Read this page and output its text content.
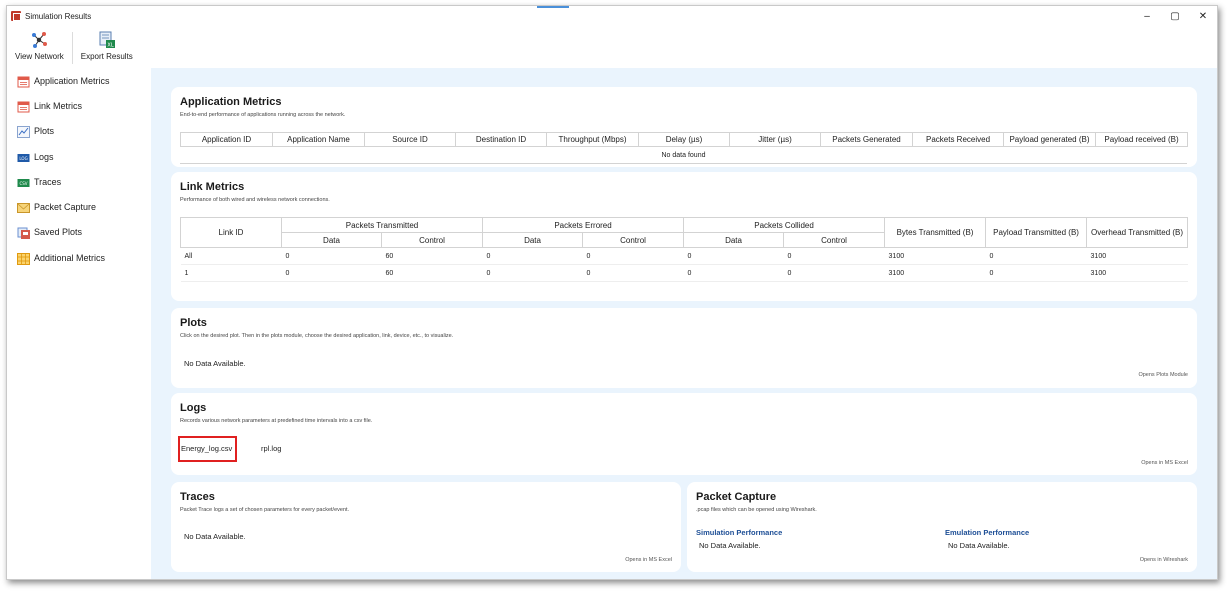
Simulation Results	–	▢	✕
View Network
XL
Export Results
Application Metrics
Link Metrics
Plots
LOG Logs
CSV Traces
Packet Capture
Saved Plots
Additional Metrics
Application Metrics
End-to-end performance of applications running across the network.
Application ID	Application Name	Source ID	Destination ID	Throughput (Mbps)	Delay (µs)	Jitter (µs)	Packets Generated	Packets Received	Payload generated (B)	Payload received (B)
No data found
Link Metrics
Performance of both wired and wireless network connections.
Link ID	Packets Transmitted		Packets Errored		Packets Collided		Bytes Transmitted (B)	Payload Transmitted (B)	Overhead Transmitted (B)
	Data	Control	Data	Control	Data	Control			
All	0	60	0	0	0	0	3100	0	3100
1	0	60	0	0	0	0	3100	0	3100
Plots
Click on the desired plot. Then in the plots module, choose the desired application, link, device, etc., to visualize.
No Data Available.
Opens Plots Module
Logs
Records various network parameters at predefined time intervals into a csv file.
Energy_log.csv	rpl.log
Opens in MS Excel
Traces
Packet Trace logs a set of chosen parameters for every packet/event.
No Data Available.
Opens in MS Excel
Packet Capture
.pcap files which can be opened using Wireshark.
Simulation Performance
No Data Available.
Emulation Performance
No Data Available.
Opens in Wireshark
